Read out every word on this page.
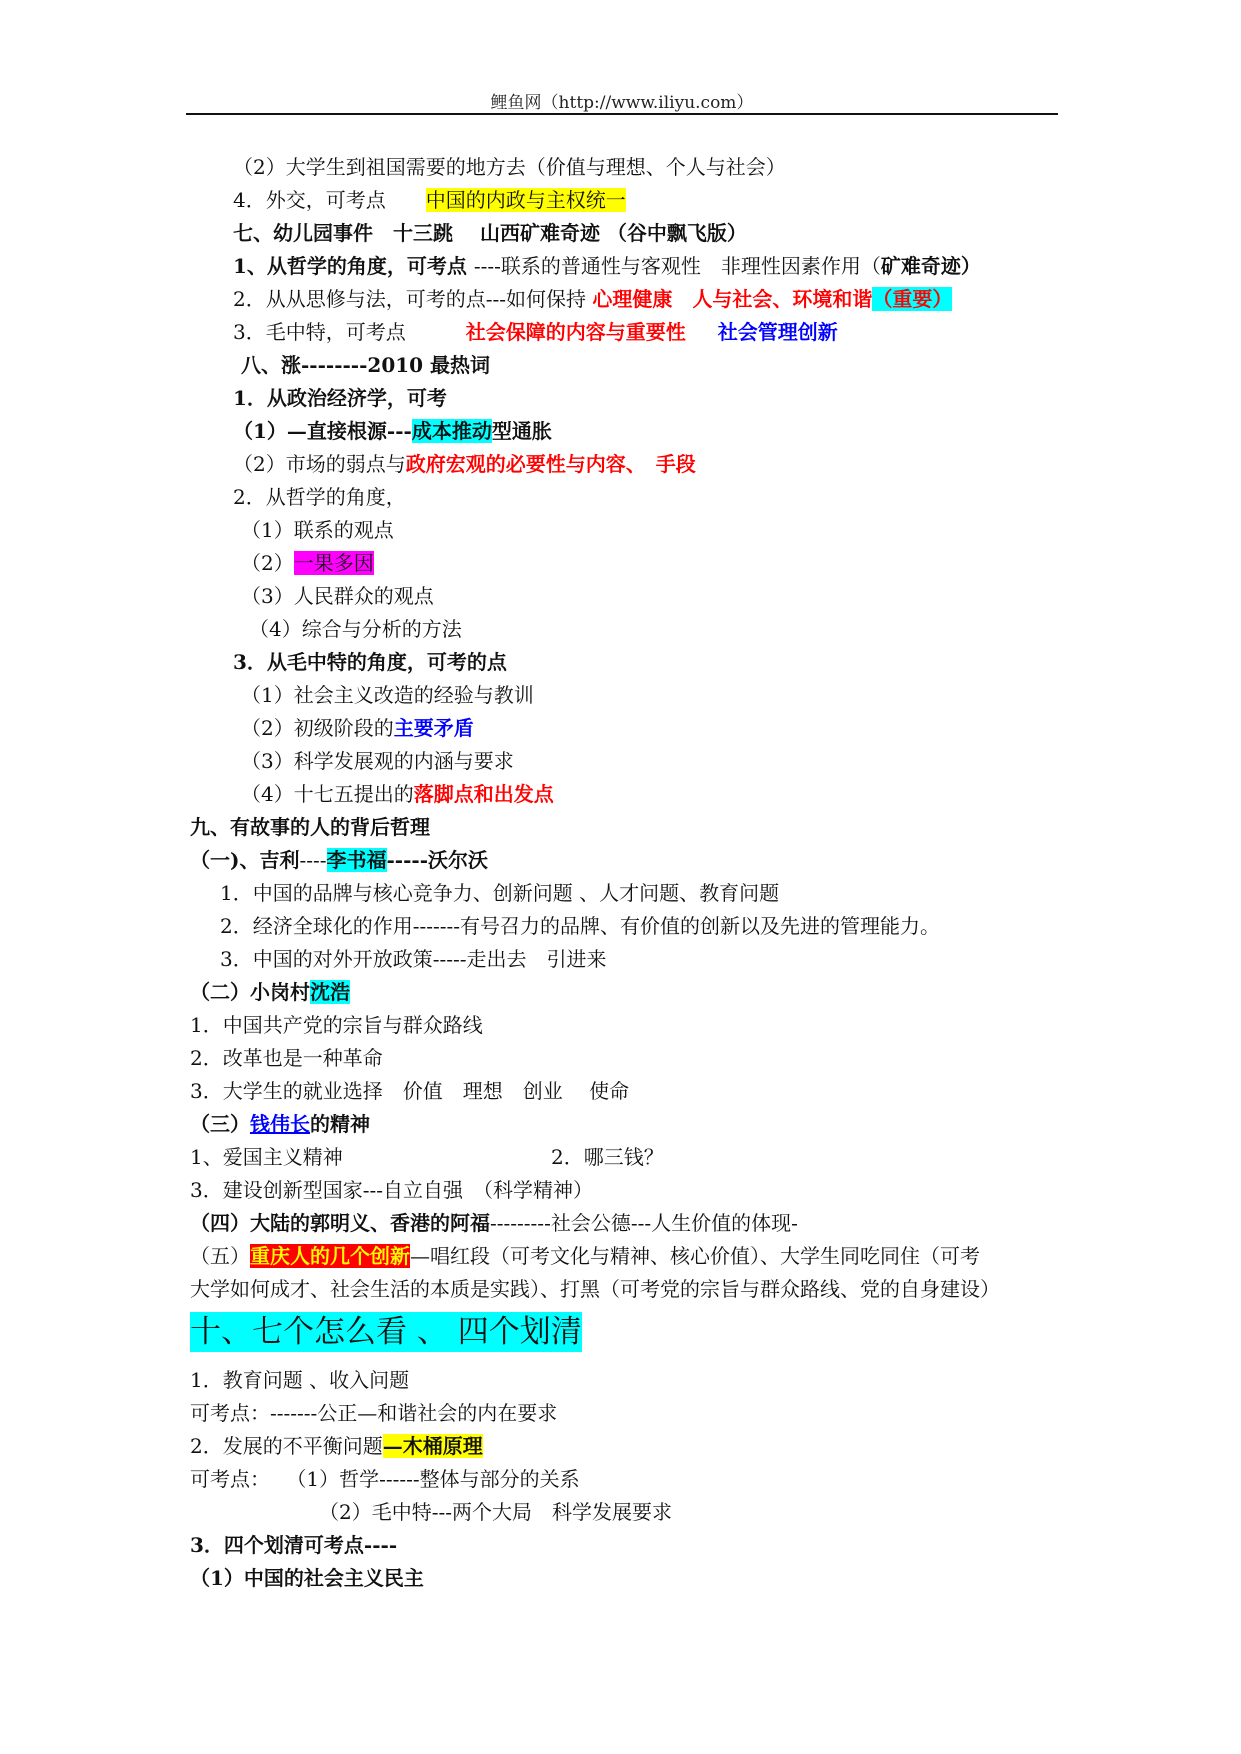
鲤鱼网（http://www.iliyu.com）
（2）大学生到祖国需要的地方去（价值与理想、个人与社会）
4．外交，可考点　　中国的内政与主权统一
七、幼儿园事件　十三跳　 山西矿难奇迹 （谷中飘飞版）
1、从哲学的角度，可考点 ----联系的普通性与客观性　非理性因素作用（矿难奇迹）
2．从从思修与法，可考的点---如何保持 心理健康　人与社会、环境和谐（重要）
3．毛中特，可考点　　　社会保障的内容与重要性 社会管理创新
八、涨--------2010 最热词
1．从政治经济学，可考
（1）—直接根源---成本推动型通胀
（2）市场的弱点与政府宏观的必要性与内容、　手段
2．从哲学的角度，
（1）联系的观点
（2）一果多因
（3）人民群众的观点
（4）综合与分析的方法
3．从毛中特的角度，可考的点
（1）社会主义改造的经验与教训
（2）初级阶段的主要矛盾
（3）科学发展观的内涵与要求
（4）十七五提出的落脚点和出发点
九、有故事的人的背后哲理
（一)、吉利----李书福-----沃尔沃
1．中国的品牌与核心竞争力、创新问题 、人才问题、教育问题
2．经济全球化的作用-------有号召力的品牌、有价值的创新以及先进的管理能力。
3．中国的对外开放政策-----走出去　引进来
（二）小岗村沈浩
1．中国共产党的宗旨与群众路线
2．改革也是一种革命
3．大学生的就业选择　价值　理想　创业　 使命
（三）钱伟长的精神
1、爱国主义精神	2．哪三钱？
3．建设创新型国家---自立自强　（科学精神）
（四）大陆的郭明义、香港的阿福---------社会公德---人生价值的体现-
（五）重庆人的几个创新—唱红段（可考文化与精神、核心价值）、大学生同吃同住（可考
大学如何成才、社会生活的本质是实践）、打黑（可考党的宗旨与群众路线、党的自身建设）
十、七个怎么看 、 四个划清
1．教育问题 、收入问题
可考点：-------公正—和谐社会的内在要求
2．发展的不平衡问题—木桶原理
可考点：　 （1）哲学------整体与部分的关系
（2）毛中特---两个大局　科学发展要求
3．四个划清可考点----
（1）中国的社会主义民主
